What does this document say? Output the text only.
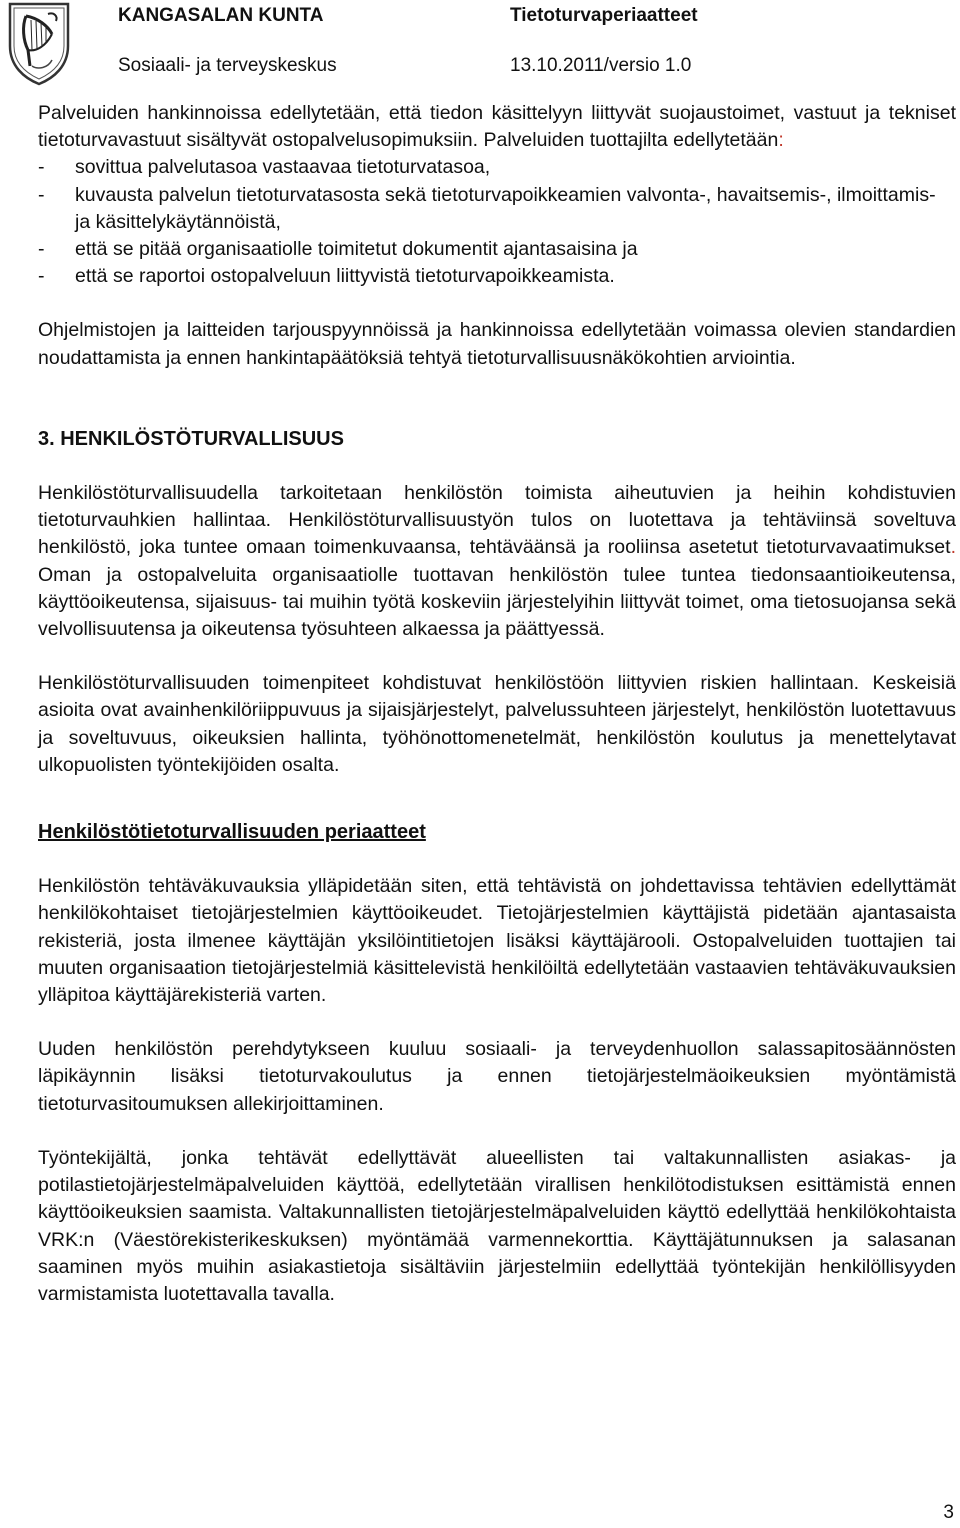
KANGASALAN KUNTA	Tietoturvaperiaatteet
Sosiaali- ja terveyskeskus	13.10.2011/versio 1.0

Palveluiden hankinnoissa edellytetään, että tiedon käsittelyyn liittyvät suojaustoimet, vastuut ja tekniset tietoturvavastuut sisältyvät ostopalvelusopimuksiin. Palveluiden tuottajilta edellytetään:

-	sovittua palvelutasoa vastaavaa tietoturvatasoa,
-	kuvausta palvelun tietoturvatasosta sekä tietoturvapoikkeamien valvonta-, havaitsemis-, ilmoittamis- ja käsittelykäytännöistä,
-	että se pitää organisaatiolle toimitetut dokumentit ajantasaisina ja
-	että se raportoi ostopalveluun liittyvistä tietoturvapoikkeamista.

Ohjelmistojen ja laitteiden tarjouspyynnöissä ja hankinnoissa edellytetään voimassa olevien standardien noudattamista ja ennen hankintapäätöksiä tehtyä tietoturvallisuusnäkökohtien arviointia.

3. HENKILÖSTÖTURVALLISUUS

Henkilöstöturvallisuudella tarkoitetaan henkilöstön toimista aiheutuvien ja heihin kohdistuvien tietoturvauhkien hallintaa. Henkilöstöturvallisuustyön tulos on luotettava ja tehtäviinsä soveltuva henkilöstö, joka tuntee omaan toimenkuvaansa, tehtäväänsä ja rooliinsa asetetut tietoturvavaatimukset. Oman ja ostopalveluita organisaatiolle tuottavan henkilöstön tulee tuntea tiedonsaantioikeutensa, käyttöoikeutensa, sijaisuus- tai muihin työtä koskeviin järjestelyihin liittyvät toimet, oma tietosuojansa sekä velvollisuutensa ja oikeutensa työsuhteen alkaessa ja päättyessä.

Henkilöstöturvallisuuden toimenpiteet kohdistuvat henkilöstöön liittyvien riskien hallintaan. Keskeisiä asioita ovat avainhenkilöriippuvuus ja sijaisjärjestelyt, palvelussuhteen järjestelyt, henkilöstön luotettavuus ja soveltuvuus, oikeuksien hallinta, työhönottomenetelmät, henkilöstön koulutus ja menettelytavat ulkopuolisten työntekijöiden osalta.

Henkilöstötietoturvallisuuden periaatteet

Henkilöstön tehtäväkuvauksia ylläpidetään siten, että tehtävistä on johdettavissa tehtävien edellyttämät henkilökohtaiset tietojärjestelmien käyttöoikeudet. Tietojärjestelmien käyttäjistä pidetään ajantasaista rekisteriä, josta ilmenee käyttäjän yksilöintitietojen lisäksi käyttäjärooli. Ostopalveluiden tuottajien tai muuten organisaation tietojärjestelmiä käsittelevistä henkilöiltä edellytetään vastaavien tehtäväkuvauksien ylläpitoa käyttäjärekisteriä varten.

Uuden henkilöstön perehdytykseen kuuluu sosiaali- ja terveydenhuollon salassapitosäännösten läpikäynnin lisäksi tietoturvakoulutus ja ennen tietojärjestelmäoikeuksien myöntämistä tietoturvasitoumuksen allekirjoittaminen.

Työntekijältä, jonka tehtävät edellyttävät alueellisten tai valtakunnallisten asiakas- ja potilastietojärjestelmäpalveluiden käyttöä, edellytetään virallisen henkilötodistuksen esittämistä ennen käyttöoikeuksien saamista. Valtakunnallisten tietojärjestelmäpalveluiden käyttö edellyttää henkilökohtaista VRK:n (Väestörekisterikeskuksen) myöntämää varmennekorttia. Käyttäjätunnuksen ja salasanan saaminen myös muihin asiakastietoja sisältäviin järjestelmiin edellyttää työntekijän henkilöllisyyden varmistamista luotettavalla tavalla.

3
